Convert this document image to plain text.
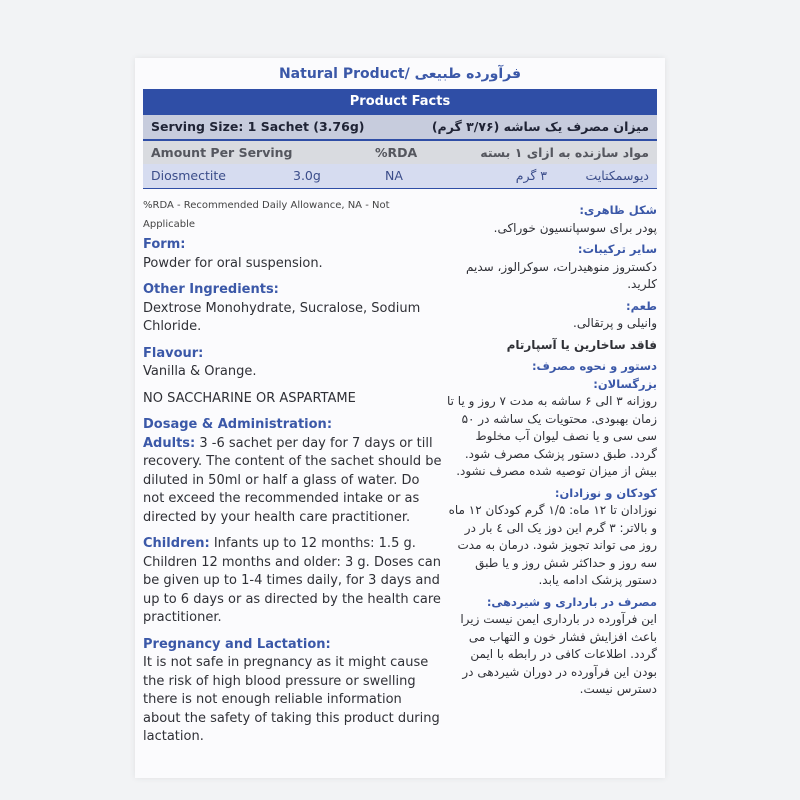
Natural Product/ فرآورده طبیعی
Product Facts
Serving Size: 1 Sachet (3.76g)	میزان مصرف یک ساشه (۳/۷۶ گرم)
Amount Per Serving	%RDA	مواد سازنده به ازای ۱ بسته
Diosmectite	3.0g	NA	۳ گرم	دیوسمکتایت
%RDA - Recommended Daily Allowance, NA - Not Applicable
Form:
Powder for oral suspension.
Other Ingredients:
Dextrose Monohydrate, Sucralose, Sodium Chloride.
Flavour:
Vanilla & Orange.
NO SACCHARINE OR ASPARTAME
Dosage & Administration:
Adults: 3 -6 sachet per day for 7 days or till recovery. The content of the sachet should be diluted in 50ml or half a glass of water. Do not exceed the recommended intake or as directed by your health care practitioner.
Children: Infants up to 12 months: 1.5 g. Children 12 months and older: 3 g. Doses can be given up to 1-4 times daily, for 3 days and up to 6 days or as directed by the health care practitioner.
Pregnancy and Lactation:
It is not safe in pregnancy as it might cause the risk of high blood pressure or swelling there is not enough reliable information about the safety of taking this product during lactation.
شکل ظاهری:
پودر برای سوسپانسیون خوراکی.
سایر ترکیبات:
دکستروز منوهیدرات، سوکرالوز، سدیم کلرید.
طعم:
وانیلی و پرتقالی.
فاقد ساخارین یا آسپارتام
دستور و نحوه مصرف:
بزرگسالان:
روزانه ۳ الی ۶ ساشه به مدت ۷ روز و یا تا زمان بهبودی. محتویات یک ساشه در ۵۰ سی سی و یا نصف لیوان آب مخلوط گردد. طبق دستور پزشک مصرف شود. بیش از میزان توصیه شده مصرف نشود.
کودکان و نوزادان:
نوزادان تا ۱۲ ماه: ۱/۵ گرم کودکان ۱۲ ماه و بالاتر: ۳ گرم این دوز یک الی ٤ بار در روز می تواند تجویز شود. درمان به مدت سه روز و حداکثر شش روز و یا طبق دستور پزشک ادامه یابد.
مصرف در بارداری و شیردهی:
این فرآورده در بارداری ایمن نیست زیرا باعث افزایش فشار خون و التهاب می گردد. اطلاعات کافی در رابطه با ایمن بودن این فرآورده در دوران شیردهی در دسترس نیست.
